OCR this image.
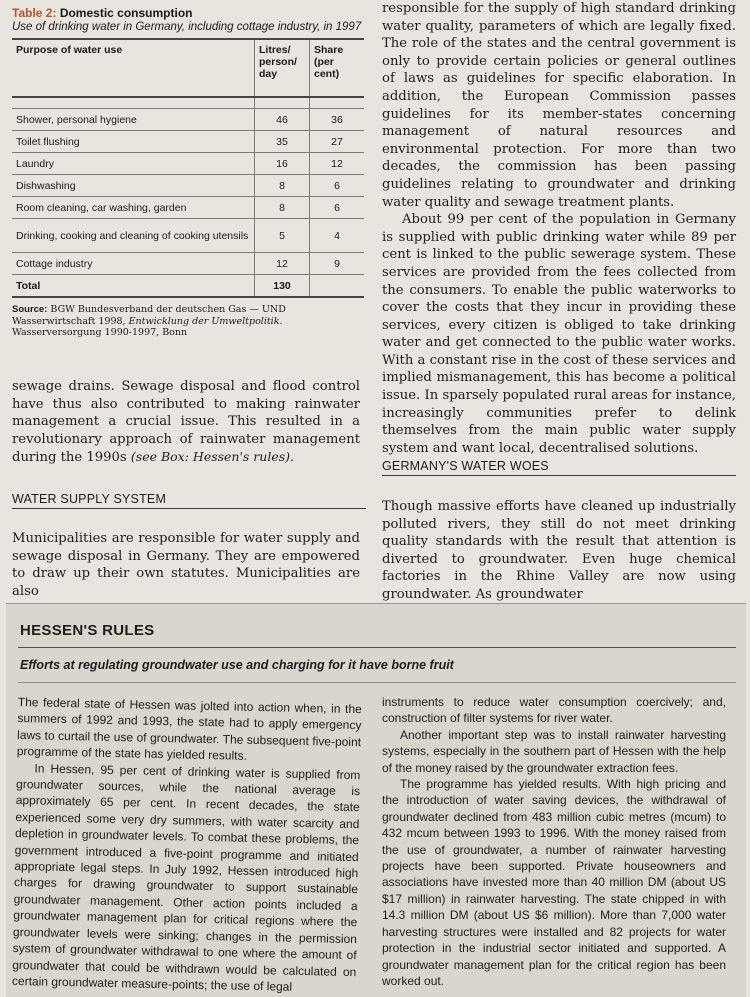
Table 2: Domestic consumption
Use of drinking water in Germany, including cottage industry, in 1997
Purpose of water use	Litres/ person/ day	Share (per cent)

Shower, personal hygiene	46	36
Toilet flushing	35	27
Laundry	16	12
Dishwashing	8	6
Room cleaning, car washing, garden	8	6
Drinking, cooking and cleaning of cooking utensils	5	4
Cottage industry	12	9
Total	130	
Source: BGW Bundesverband der deutschen Gas — UND Wasserwirtschaft 1998, Entwicklung der Umweltpolitik. Wasserversorgung 1990-1997, Bonn

sewage drains. Sewage disposal and flood control have thus also contributed to making rainwater management a crucial issue. This resulted in a revolutionary approach of rainwater management during the 1990s (see Box: Hessen's rules).

WATER SUPPLY SYSTEM

Municipalities are responsible for water supply and sewage disposal in Germany. They are empowered to draw up their own statutes. Municipalities are also

responsible for the supply of high standard drinking water quality, parameters of which are legally fixed. The role of the states and the central government is only to provide certain policies or general outlines of laws as guidelines for specific elaboration. In addition, the European Commission passes guidelines for its member-states concerning management of natural resources and environmental protection. For more than two decades, the commission has been passing guidelines relating to groundwater and drinking water quality and sewage treatment plants.

About 99 per cent of the population in Germany is supplied with public drinking water while 89 per cent is linked to the public sewerage system. These services are provided from the fees collected from the consumers. To enable the public waterworks to cover the costs that they incur in providing these services, every citizen is obliged to take drinking water and get connected to the public water works. With a constant rise in the cost of these services and implied mismanagement, this has become a political issue. In sparsely populated rural areas for instance, increasingly communities prefer to delink themselves from the main public water supply system and want local, decentralised solutions.

GERMANY'S WATER WOES

Though massive efforts have cleaned up industrially polluted rivers, they still do not meet drinking quality standards with the result that attention is diverted to groundwater. Even huge chemical factories in the Rhine Valley are now using groundwater. As groundwater

HESSEN'S RULES
Efforts at regulating groundwater use and charging for it have borne fruit

The federal state of Hessen was jolted into action when, in the summers of 1992 and 1993, the state had to apply emergency laws to curtail the use of groundwater. The subsequent five-point programme of the state has yielded results.

In Hessen, 95 per cent of drinking water is supplied from groundwater sources, while the national average is approximately 65 per cent. In recent decades, the state experienced some very dry summers, with water scarcity and depletion in groundwater levels. To combat these problems, the government introduced a five-point programme and initiated appropriate legal steps. In July 1992, Hessen introduced high charges for drawing groundwater to support sustainable groundwater management. Other action points included a groundwater management plan for critical regions where the groundwater levels were sinking; changes in the permission system of groundwater withdrawal to one where the amount of groundwater that could be withdrawn would be calculated on certain groundwater measure-points; the use of legal

instruments to reduce water consumption coercively; and, construction of filter systems for river water.

Another important step was to install rainwater harvesting systems, especially in the southern part of Hessen with the help of the money raised by the groundwater extraction fees.

The programme has yielded results. With high pricing and the introduction of water saving devices, the withdrawal of groundwater declined from 483 million cubic metres (mcum) to 432 mcum between 1993 to 1996. With the money raised from the use of groundwater, a number of rainwater harvesting projects have been supported. Private houseowners and associations have invested more than 40 million DM (about US $17 million) in rainwater harvesting. The state chipped in with 14.3 million DM (about US $6 million). More than 7,000 water harvesting structures were installed and 82 projects for water protection in the industrial sector initiated and supported. A groundwater management plan for the critical region has been worked out.
